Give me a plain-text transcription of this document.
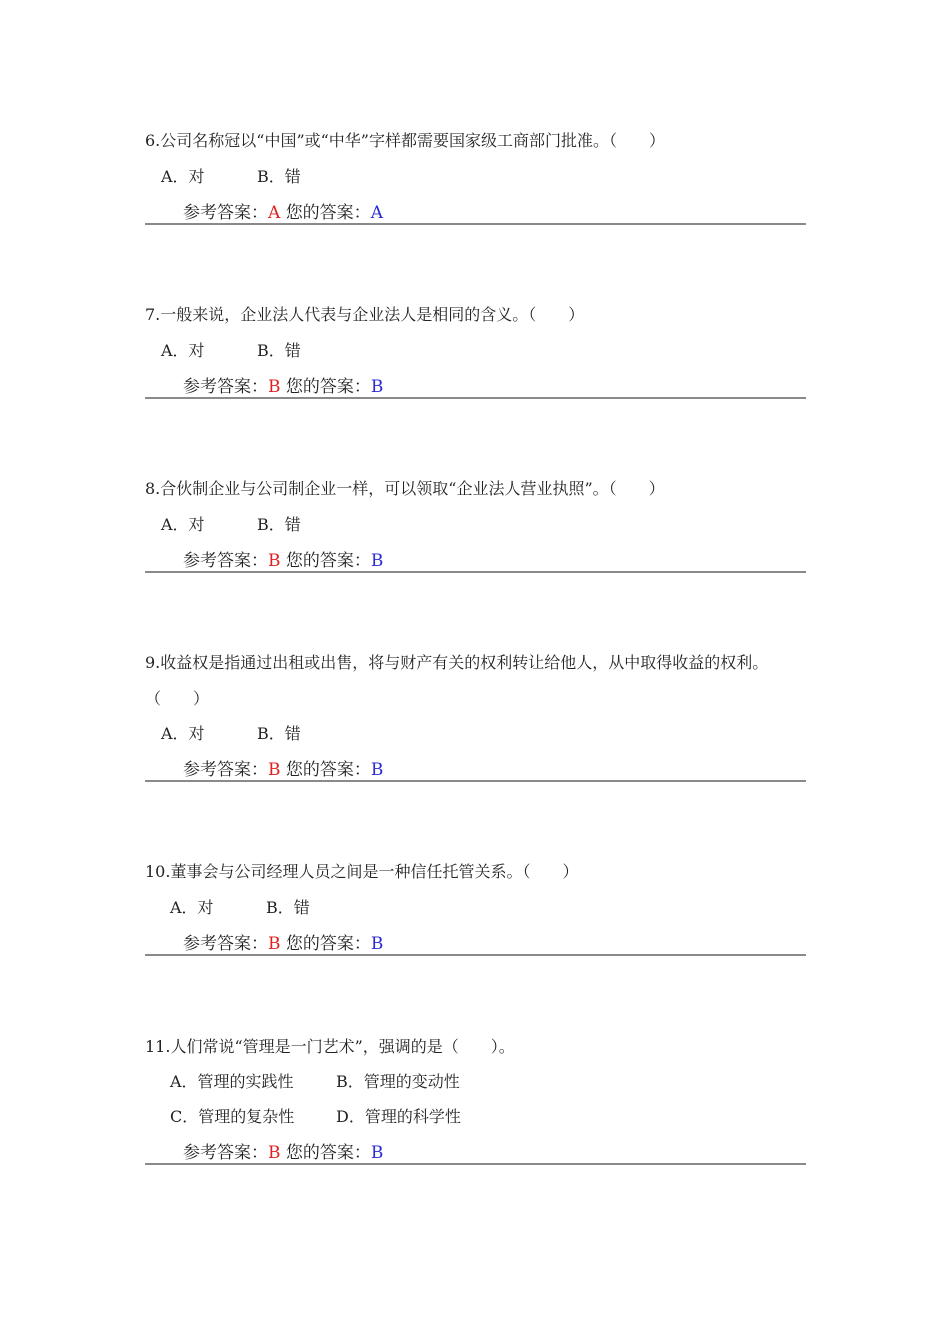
6.公司名称冠以“中国”或“中华”字样都需要国家级工商部门批准。（　　）
A．对	B．错
参考答案：A 您的答案：A
7.一般来说，企业法人代表与企业法人是相同的含义。（　　）
A．对	B．错
参考答案：B 您的答案：B
8.合伙制企业与公司制企业一样，可以领取“企业法人营业执照”。（　　）
A．对	B．错
参考答案：B 您的答案：B
9.收益权是指通过出租或出售，将与财产有关的权利转让给他人，从中取得收益的权利。（　　）
A．对	B．错
参考答案：B 您的答案：B
10.董事会与公司经理人员之间是一种信任托管关系。（　　）
A．对	B．错
参考答案：B 您的答案：B
11.人们常说“管理是一门艺术”，强调的是（　　）。
A．管理的实践性	B．管理的变动性
C．管理的复杂性	D．管理的科学性
参考答案：B 您的答案：B
